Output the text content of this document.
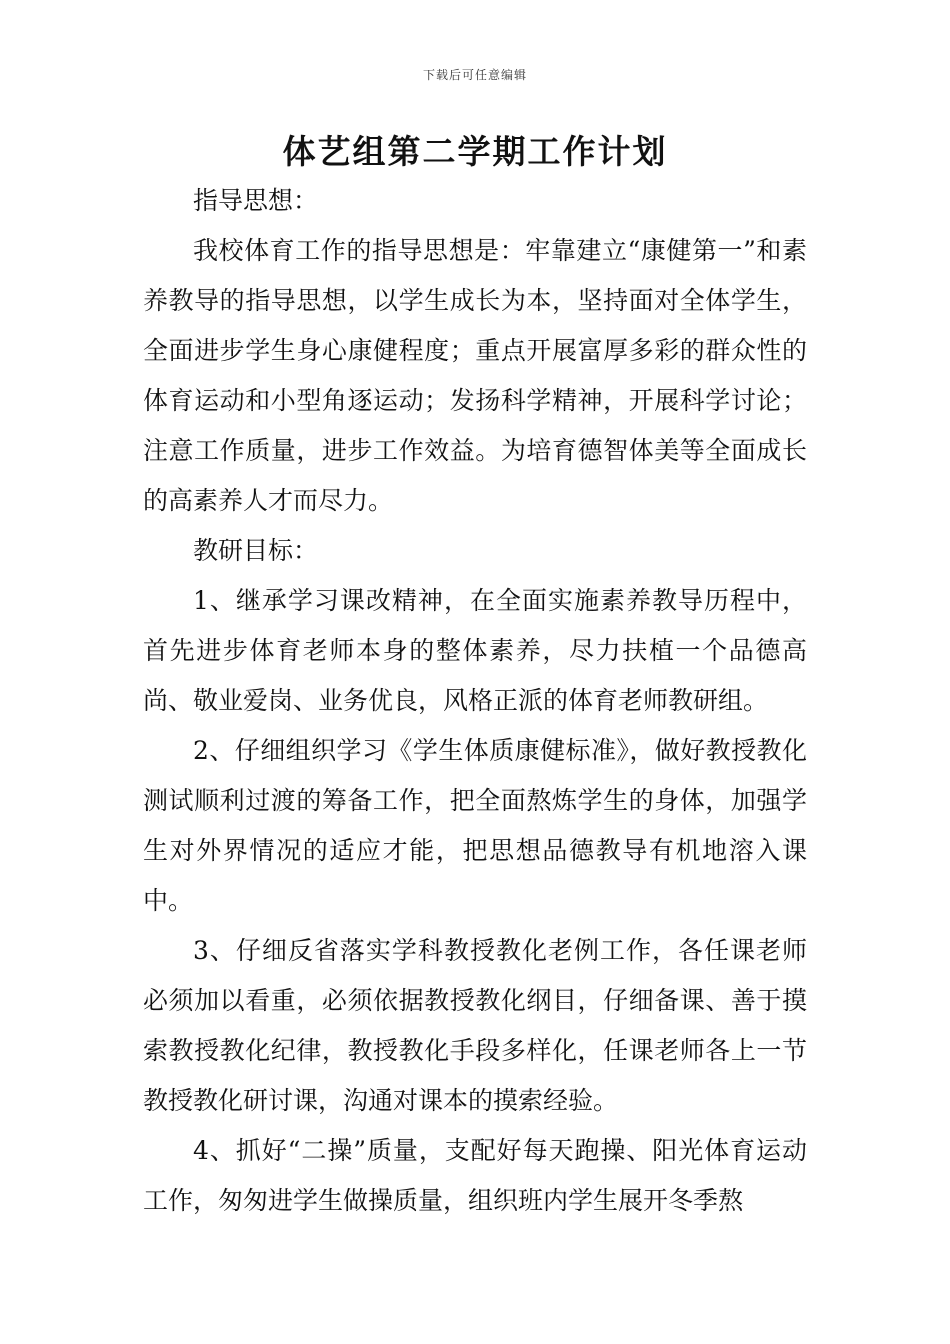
下载后可任意编辑
体艺组第二学期工作计划

指导思想：

我校体育工作的指导思想是：牢靠建立“康健第一”和素养教导的指导思想，以学生成长为本，坚持面对全体学生，全面进步学生身心康健程度；重点开展富厚多彩的群众性的体育运动和小型角逐运动；发扬科学精神，开展科学讨论；注意工作质量，进步工作效益。为培育德智体美等全面成长的高素养人才而尽力。

教研目标：

1、继承学习课改精神，在全面实施素养教导历程中，首先进步体育老师本身的整体素养，尽力扶植一个品德高尚、敬业爱岗、业务优良，风格正派的体育老师教研组。

2、仔细组织学习《学生体质康健标准》，做好教授教化测试顺利过渡的筹备工作，把全面熬炼学生的身体，加强学生对外界情况的适应才能，把思想品德教导有机地溶入课中。

3、仔细反省落实学科教授教化老例工作，各任课老师必须加以看重，必须依据教授教化纲目，仔细备课、善于摸索教授教化纪律，教授教化手段多样化，任课老师各上一节教授教化研讨课，沟通对课本的摸索经验。

4、抓好“二操”质量，支配好每天跑操、阳光体育运动工作，匆匆进学生做操质量，组织班内学生展开冬季熬
